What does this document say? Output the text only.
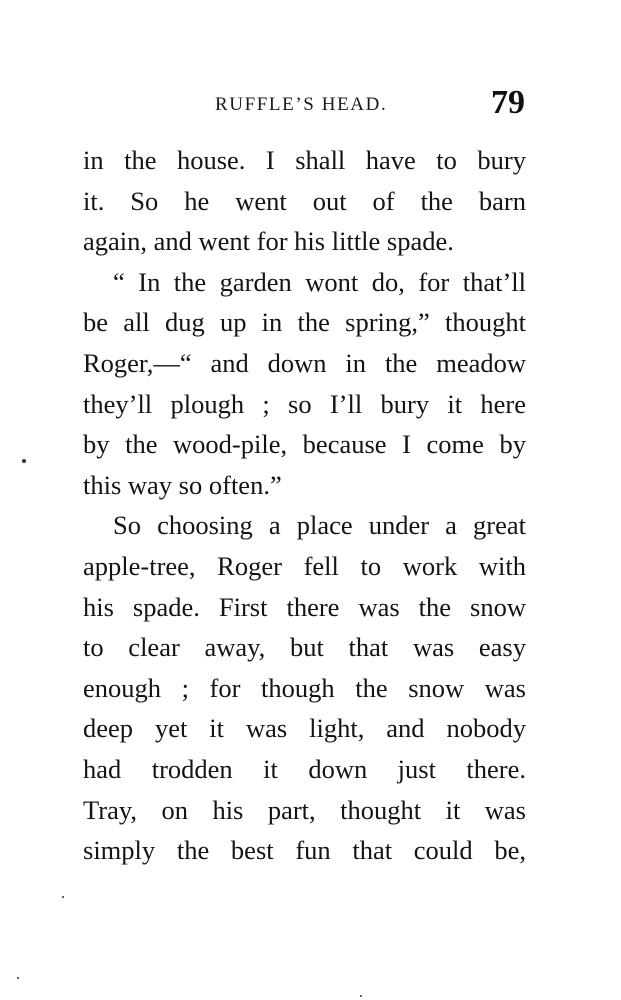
RUFFLE’S HEAD.	79
in the house. I shall have to bury
it. So he went out of the barn
again, and went for his little spade.
“ In the garden wont do, for that’ll
be all dug up in the spring,” thought
Roger,—“ and down in the meadow
they’ll plough ; so I’ll bury it here
by the wood-pile, because I come by
this way so often.”
So choosing a place under a great
apple-tree, Roger fell to work with
his spade. First there was the snow
to clear away, but that was easy
enough ; for though the snow was
deep yet it was light, and nobody
had trodden it down just there.
Tray, on his part, thought it was
simply the best fun that could be,
